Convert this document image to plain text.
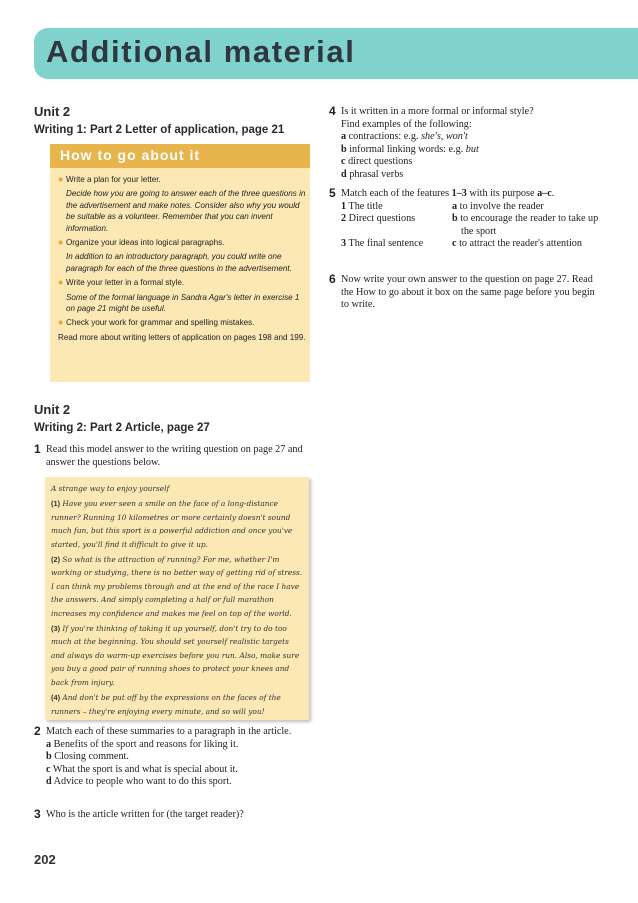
Additional material
Unit 2
Writing 1: Part 2 Letter of application, page 21
How to go about it
● Write a plan for your letter.
Decide how you are going to answer each of the three questions in the advertisement and make notes. Consider also why you would be suitable as a volunteer. Remember that you can invent information.
● Organize your ideas into logical paragraphs.
In addition to an introductory paragraph, you could write one paragraph for each of the three questions in the advertisement.
● Write your letter in a formal style.
Some of the formal language in Sandra Agar's letter in exercise 1 on page 21 might be useful.
● Check your work for grammar and spelling mistakes.
Read more about writing letters of application on pages 198 and 199.
Unit 2
Writing 2: Part 2 Article, page 27
1 Read this model answer to the writing question on page 27 and answer the questions below.

A strange way to enjoy yourself

(1) Have you ever seen a smile on the face of a long-distance runner? Running 10 kilometres or more certainly doesn't sound much fun, but this sport is a powerful addiction and once you've started, you'll find it difficult to give it up.

(2) So what is the attraction of running? For me, whether I'm working or studying, there is no better way of getting rid of stress. I can think my problems through and at the end of the race I have the answers. And simply completing a half or full marathon increases my confidence and makes me feel on top of the world.

(3) If you're thinking of taking it up yourself, don't try to do too much at the beginning. You should set yourself realistic targets and always do warm-up exercises before you run. Also, make sure you buy a good pair of running shoes to protect your knees and back from injury.

(4) And don't be put off by the expressions on the faces of the runners – they're enjoying every minute, and so will you!

2 Match each of these summaries to a paragraph in the article.
a Benefits of the sport and reasons for liking it.
b Closing comment.
c What the sport is and what is special about it.
d Advice to people who want to do this sport.
3 Who is the article written for (the target reader)?
4 Is it written in a more formal or informal style?
Find examples of the following:
a contractions: e.g. she's, won't
b informal linking words: e.g. but
c direct questions
d phrasal verbs
5 Match each of the features 1–3 with its purpose a–c.
1 The title	a to involve the reader
2 Direct questions	b to encourage the reader to take up the sport
3 The final sentence	c to attract the reader's attention
6 Now write your own answer to the question on page 27. Read the How to go about it box on the same page before you begin to write.
202
